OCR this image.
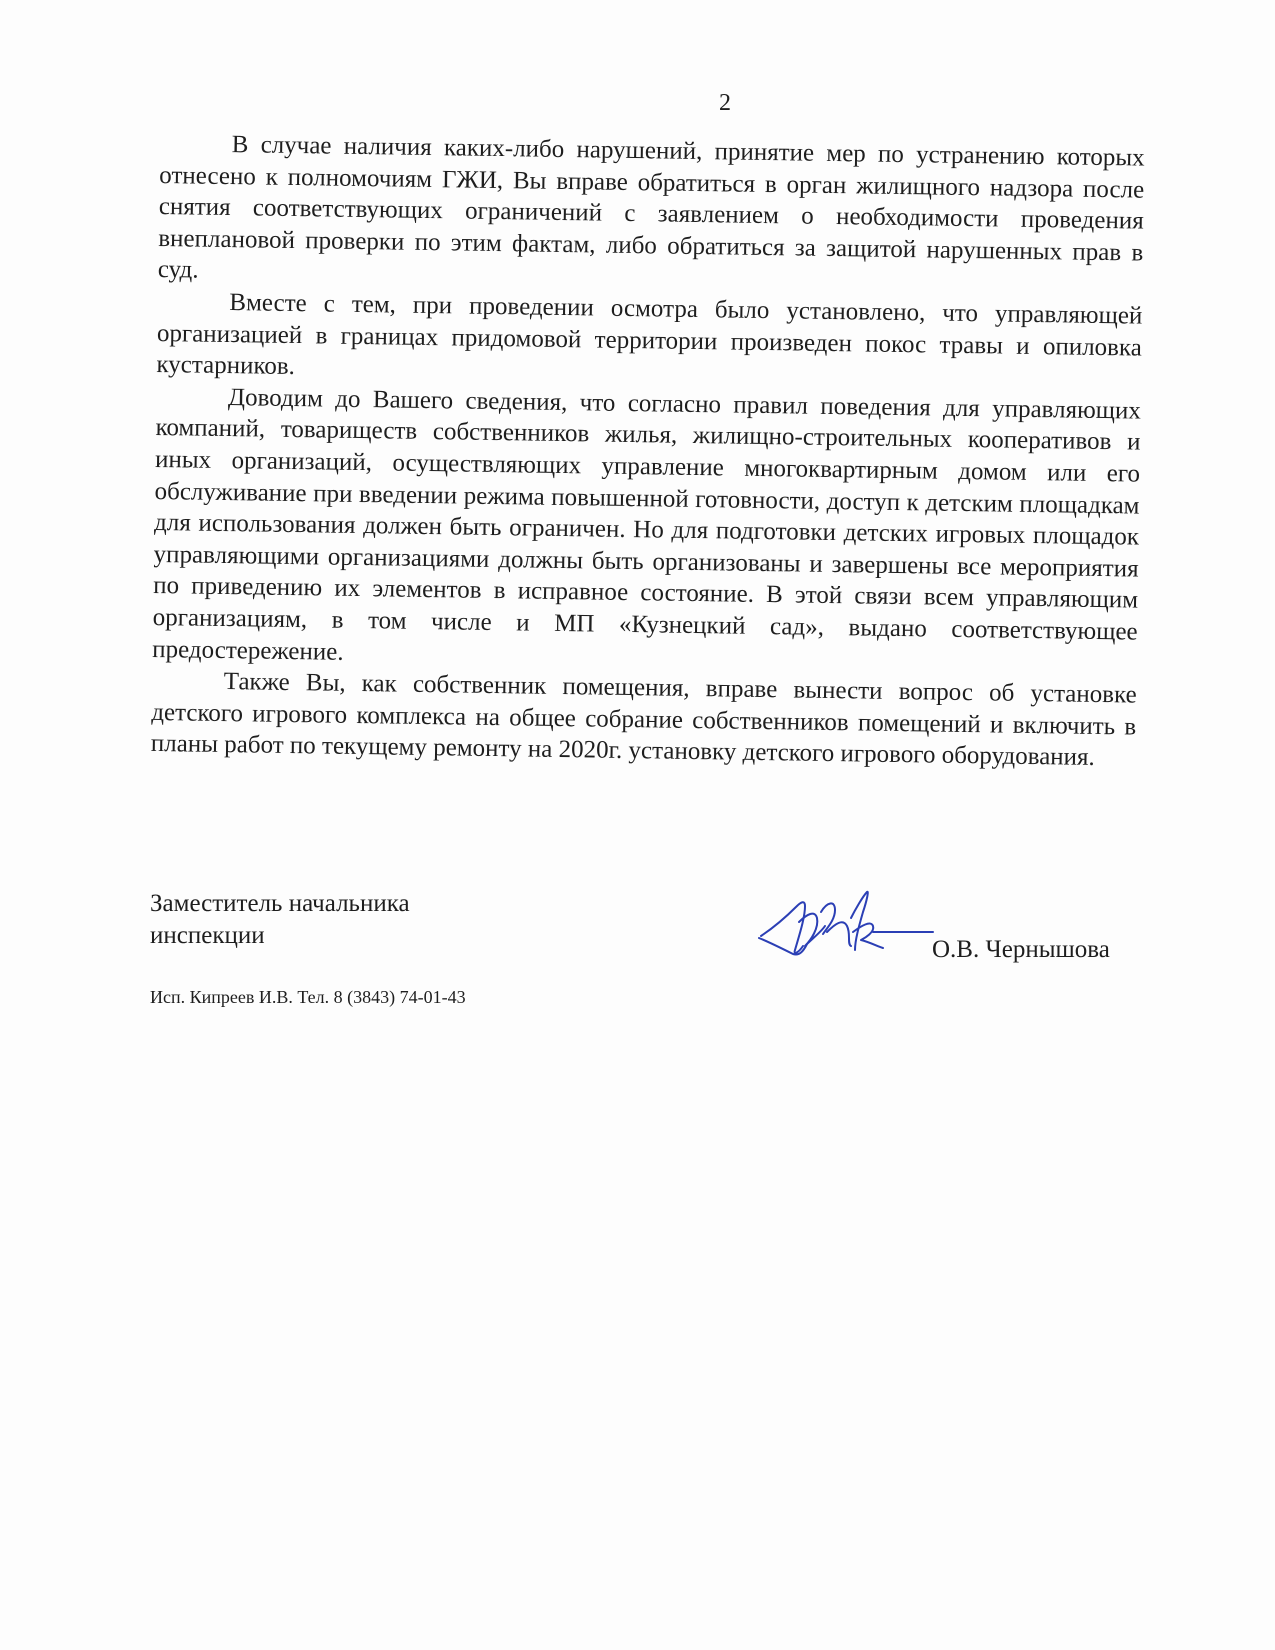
2

В случае наличия каких-либо нарушений, принятие мер по устранению которых отнесено к полномочиям ГЖИ, Вы вправе обратиться в орган жилищного надзора после снятия соответствующих ограничений с заявлением о необходимости проведения внеплановой проверки по этим фактам, либо обратиться за защитой нарушенных прав в суд.

Вместе с тем, при проведении осмотра было установлено, что управляющей организацией в границах придомовой территории произведен покос травы и опиловка кустарников.

Доводим до Вашего сведения, что согласно правил поведения для управляющих компаний, товариществ собственников жилья, жилищно-строительных кооперативов и иных организаций, осуществляющих управление многоквартирным домом или его обслуживание при введении режима повышенной готовности, доступ к детским площадкам для использования должен быть ограничен. Но для подготовки детских игровых площадок управляющими организациями должны быть организованы и завершены все мероприятия по приведению их элементов в исправное состояние. В этой связи всем управляющим организациям, в том числе и МП «Кузнецкий сад», выдано соответствующее предостережение.

Также Вы, как собственник помещения, вправе вынести вопрос об установке детского игрового комплекса на общее собрание собственников помещений и включить в планы работ по текущему ремонту на 2020г. установку детского игрового оборудования.

Заместитель начальника
инспекции
О.В. Чернышова
Исп. Кипреев И.В. Тел. 8 (3843) 74-01-43
